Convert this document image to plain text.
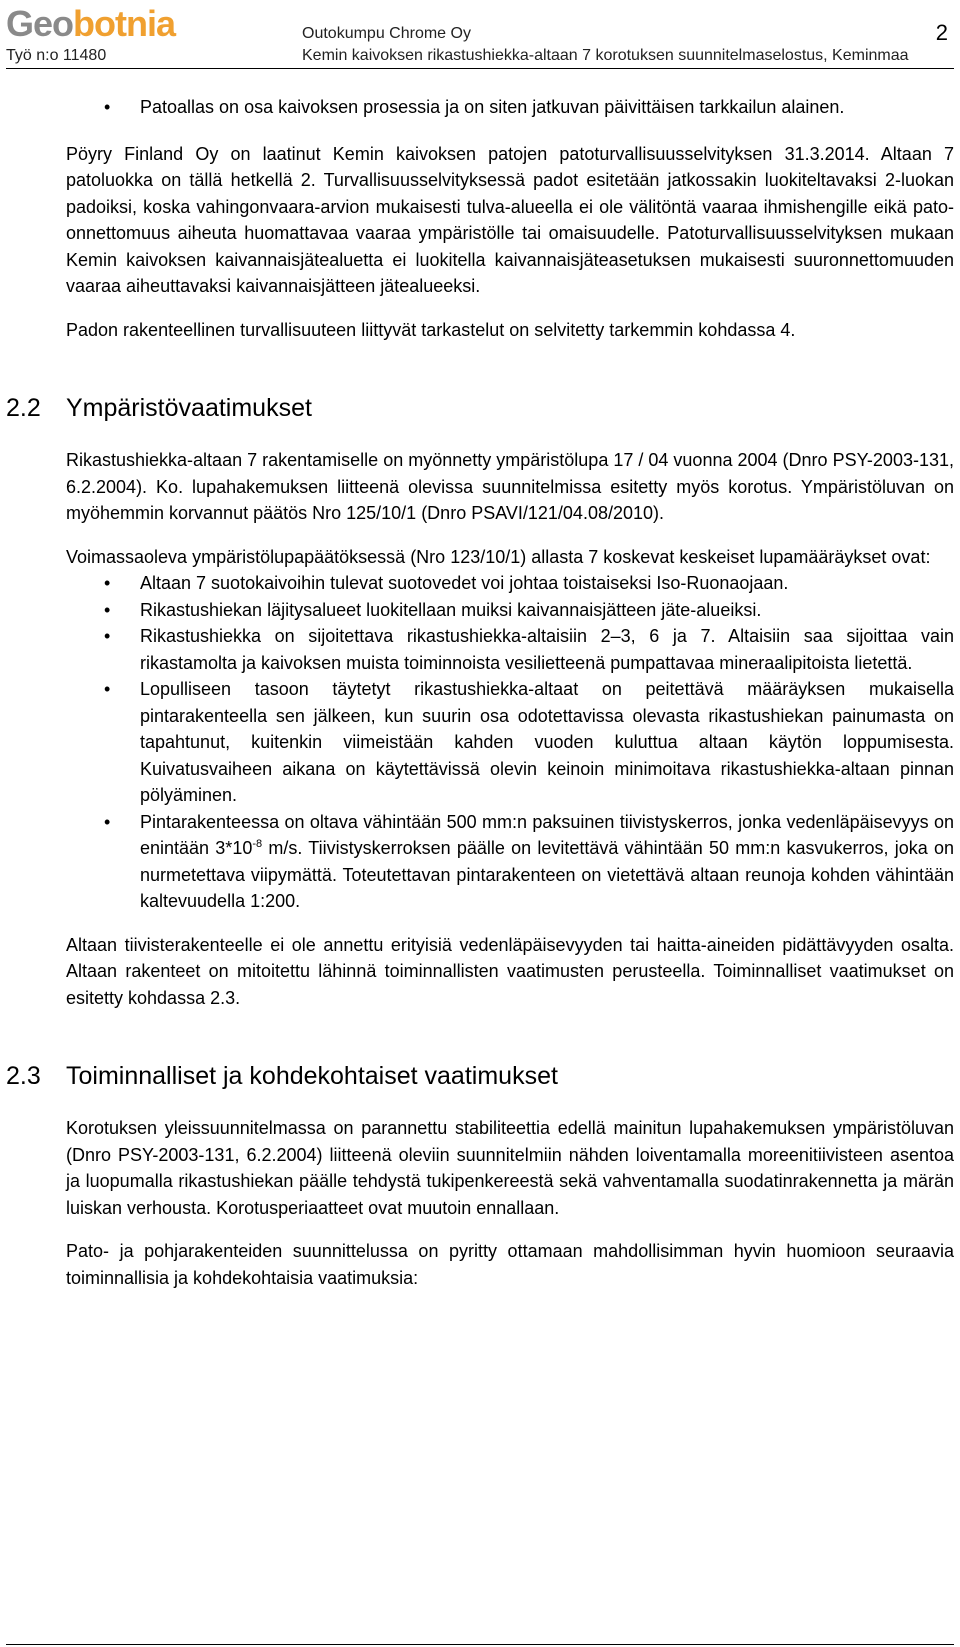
Geobotnia
Työ n:o 11480
Outokumpu Chrome Oy
Kemin kaivoksen rikastushiekka-altaan 7 korotuksen suunnitelmaselostus, Keminmaa
2
• Patoallas on osa kaivoksen prosessia ja on siten jatkuvan päivittäisen tarkkailun alainen.

Pöyry Finland Oy on laatinut Kemin kaivoksen patojen patoturvallisuusselvityksen 31.3.2014. Altaan 7 patoluokka on tällä hetkellä 2. Turvallisuusselvityksessä padot esitetään jatkossakin luokiteltavaksi 2-luokan padoiksi, koska vahingonvaara-arvion mukaisesti tulva-alueella ei ole välitöntä vaaraa ihmishengille eikä pato-onnettomuus aiheuta huomattavaa vaaraa ympäristölle tai omaisuudelle. Patoturvallisuusselvityksen mukaan Kemin kaivoksen kaivannaisjätealuetta ei luokitella kaivannaisjäteasetuksen mukaisesti suuronnettomuuden vaaraa aiheuttavaksi kaivannaisjätteen jätealueeksi.

Padon rakenteellinen turvallisuuteen liittyvät tarkastelut on selvitetty tarkemmin kohdassa 4.

2.2 Ympäristövaatimukset

Rikastushiekka-altaan 7 rakentamiselle on myönnetty ympäristölupa 17 / 04 vuonna 2004 (Dnro PSY-2003-131, 6.2.2004). Ko. lupahakemuksen liitteenä olevissa suunnitelmissa esitetty myös korotus. Ympäristöluvan on myöhemmin korvannut päätös Nro 125/10/1 (Dnro PSAVI/121/04.08/2010).

Voimassaoleva ympäristölupapäätöksessä (Nro 123/10/1) allasta 7 koskevat keskeiset lupamääräykset ovat:

• Altaan 7 suotokaivoihin tulevat suotovedet voi johtaa toistaiseksi Iso-Ruonaojaan.
• Rikastushiekan läjitysalueet luokitellaan muiksi kaivannaisjätteen jäte-alueiksi.
• Rikastushiekka on sijoitettava rikastushiekka-altaisiin 2–3, 6 ja 7. Altaisiin saa sijoittaa vain rikastamolta ja kaivoksen muista toiminnoista vesilietteenä pumpattavaa mineraalipitoista lietettä.
• Lopulliseen tasoon täytetyt rikastushiekka-altaat on peitettävä määräyksen mukaisella pintarakenteella sen jälkeen, kun suurin osa odotettavissa olevasta rikastushiekan painumasta on tapahtunut, kuitenkin viimeistään kahden vuoden kuluttua altaan käytön loppumisesta. Kuivatusvaiheen aikana on käytettävissä olevin keinoin minimoitava rikastushiekka-altaan pinnan pölyäminen.
• Pintarakenteessa on oltava vähintään 500 mm:n paksuinen tiivistyskerros, jonka vedenläpäisevyys on enintään $3*10^{-8}$ m/s. Tiivistyskerroksen päälle on levitettävä vähintään 50 mm:n kasvukerros, joka on nurmetettava viipymättä. Toteutettavan pintarakenteen on vietettävä altaan reunoja kohden vähintään kaltevuudella 1:200.

Altaan tiivisterakenteelle ei ole annettu erityisiä vedenläpäisevyyden tai haitta-aineiden pidättävyyden osalta. Altaan rakenteet on mitoitettu lähinnä toiminnallisten vaatimusten perusteella. Toiminnalliset vaatimukset on esitetty kohdassa 2.3.

2.3 Toiminnalliset ja kohdekohtaiset vaatimukset

Korotuksen yleissuunnitelmassa on parannettu stabiliteettia edellä mainitun lupahakemuksen ympäristöluvan (Dnro PSY-2003-131, 6.2.2004) liitteenä oleviin suunnitelmiin nähden loiventamalla moreenitiivisteen asentoa ja luopumalla rikastushiekan päälle tehdystä tukipenkereestä sekä vahventamalla suodatinrakennetta ja märän luiskan verhousta. Korotusperiaatteet ovat muutoin ennallaan.

Pato- ja pohjarakenteiden suunnittelussa on pyritty ottamaan mahdollisimman hyvin huomioon seuraavia toiminnallisia ja kohdekohtaisia vaatimuksia:
